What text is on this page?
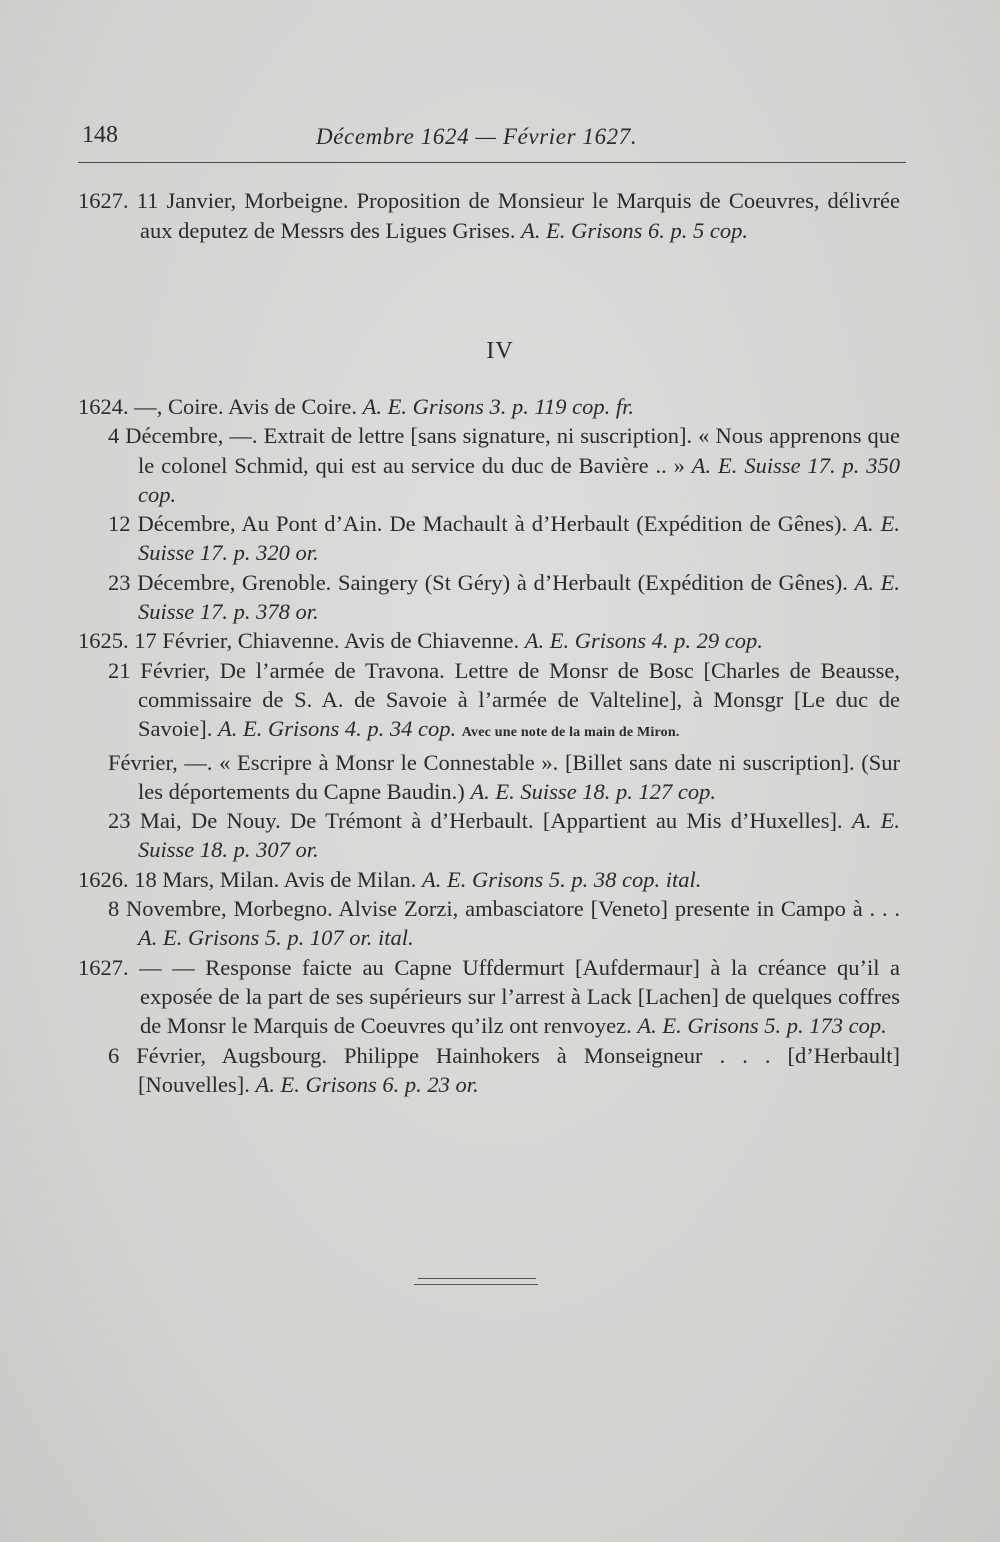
148	Décembre 1624 — Février 1627.
1627. 11 Janvier, Morbeigne. Proposition de Monsieur le Marquis de Coeuvres, délivrée aux deputez de Messrs des Ligues Grises. A. E. Grisons 6. p. 5 cop.
IV
1624. —, Coire. Avis de Coire. A. E. Grisons 3. p. 119 cop. fr.
4 Décembre, —. Extrait de lettre [sans signature, ni suscription]. « Nous apprenons que le colonel Schmid, qui est au service du duc de Bavière .. » A. E. Suisse 17. p. 350 cop.
12 Décembre, Au Pont d’Ain. De Machault à d’Herbault (Expédition de Gênes). A. E. Suisse 17. p. 320 or.
23 Décembre, Grenoble. Saingery (St Géry) à d’Herbault (Expédition de Gênes). A. E. Suisse 17. p. 378 or.
1625. 17 Février, Chiavenne. Avis de Chiavenne. A. E. Grisons 4. p. 29 cop.
21 Février, De l’armée de Travona. Lettre de Monsr de Bosc [Charles de Beausse, commissaire de S. A. de Savoie à l’armée de Valteline], à Monsgr [Le duc de Savoie]. A. E. Grisons 4. p. 34 cop. Avec une note de la main de Miron.
Février, —. « Escripre à Monsr le Connestable ». [Billet sans date ni suscription]. (Sur les déportements du Capne Baudin.) A. E. Suisse 18. p. 127 cop.
23 Mai, De Nouy. De Trémont à d’Herbault. [Appartient au Mis d’Huxelles]. A. E. Suisse 18. p. 307 or.
1626. 18 Mars, Milan. Avis de Milan. A. E. Grisons 5. p. 38 cop. ital.
8 Novembre, Morbegno. Alvise Zorzi, ambasciatore [Veneto] presente in Campo à . . . A. E. Grisons 5. p. 107 or. ital.
1627. — — Response faicte au Capne Uffdermurt [Aufdermaur] à la créance qu’il a exposée de la part de ses supérieurs sur l’arrest à Lack [Lachen] de quelques coffres de Monsr le Marquis de Coeuvres qu’ilz ont renvoyez. A. E. Grisons 5. p. 173 cop.
6 Février, Augsbourg. Philippe Hainhokers à Monseigneur . . . [d’Herbault] [Nouvelles]. A. E. Grisons 6. p. 23 or.
